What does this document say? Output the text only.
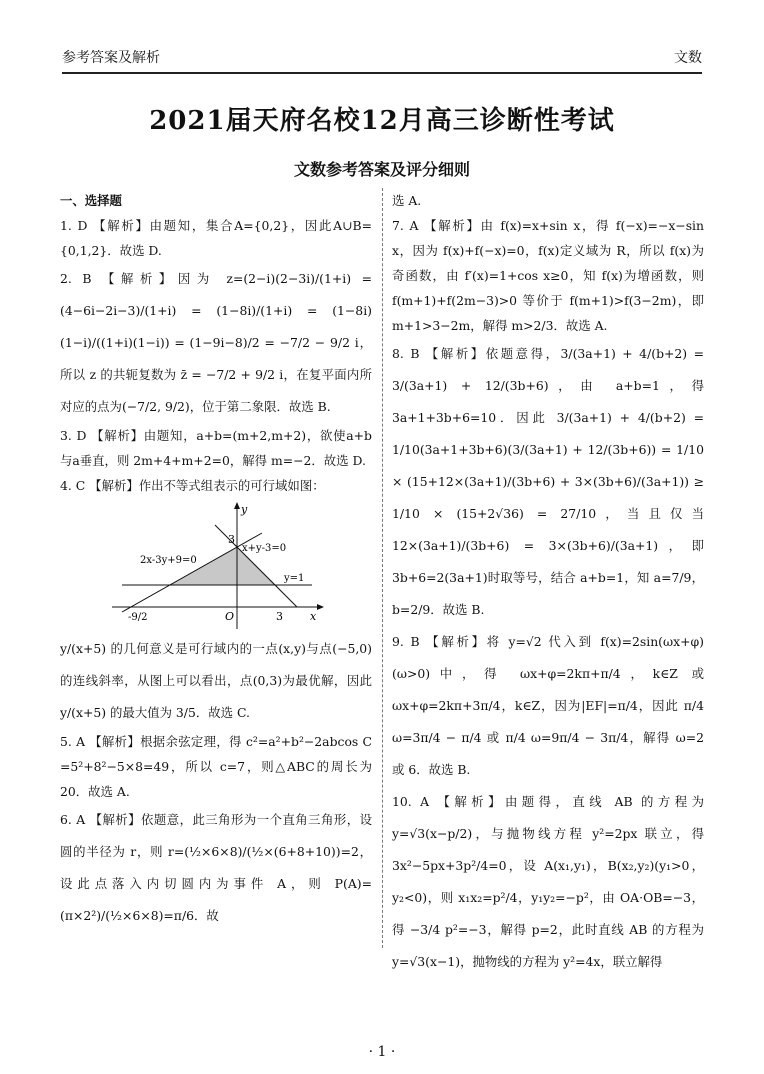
参考答案及解析	文数
2021届天府名校12月高三诊断性考试
文数参考答案及评分细则

一、选择题

1. D 【解析】由题知，集合A={0,2}，因此A∪B={0,1,2}．故选 D.

2. B 【解析】因为 z=(2−i)(2−3i)/(1+i) = (4−6i−2i−3)/(1+i) = (1−8i)/(1+i) = (1−8i)(1−i)/((1+i)(1−i)) = (1−9i−8)/2 = −7/2 − 9/2 i，所以 z 的共轭复数为 z̄ = −7/2 + 9/2 i，在复平面内所对应的点为(−7/2, 9/2)，位于第二象限．故选 B.

3. D 【解析】由题知，a+b=(m+2,m+2)，欲使a+b与a垂直，则 2m+4+m+2=0，解得 m=−2．故选 D.

4. C 【解析】作出不等式组表示的可行域如图：

y
x
O
-9/2	3
3
2x-3y+9=0
x+y-3=0
y=1

y/(x+5) 的几何意义是可行域内的一点(x,y)与点(−5,0)的连线斜率，从图上可以看出，点(0,3)为最优解，因此 y/(x+5) 的最大值为 3/5．故选 C.

5. A 【解析】根据余弦定理，得 c²=a²+b²−2abcos C =5²+8²−5×8=49，所以 c=7，则△ABC的周长为20．故选 A.

6. A 【解析】依题意，此三角形为一个直角三角形，设圆的半径为 r，则 r=(½×6×8)/(½×(6+8+10))=2，设此点落入内切圆内为事件 A，则 P(A)=(π×2²)/(½×6×8)=π/6．故

选 A.

7. A 【解析】由 f(x)=x+sin x，得 f(−x)=−x−sin x，因为 f(x)+f(−x)=0，f(x)定义域为 R，所以 f(x)为奇函数，由 f′(x)=1+cos x≥0，知 f(x)为增函数，则 f(m+1)+f(2m−3)>0 等价于 f(m+1)>f(3−2m)，即 m+1>3−2m，解得 m>2/3．故选 A.

8. B 【解析】依题意得，3/(3a+1) + 4/(b+2) = 3/(3a+1) + 12/(3b+6)，由 a+b=1，得 3a+1+3b+6=10．因此 3/(3a+1) + 4/(b+2) = 1/10(3a+1+3b+6)(3/(3a+1) + 12/(3b+6)) = 1/10 × (15+12×(3a+1)/(3b+6) + 3×(3b+6)/(3a+1)) ≥ 1/10 × (15+2√36) = 27/10，当且仅当 12×(3a+1)/(3b+6) = 3×(3b+6)/(3a+1)，即 3b+6=2(3a+1)时取等号，结合 a+b=1，知 a=7/9，b=2/9．故选 B.

9. B 【解析】将 y=√2 代入到 f(x)=2sin(ωx+φ)(ω>0)中，得 ωx+φ=2kπ+π/4，k∈Z 或 ωx+φ=2kπ+3π/4，k∈Z，因为|EF|=π/4，因此 π/4 ω=3π/4 − π/4 或 π/4 ω=9π/4 − 3π/4，解得 ω=2 或 6．故选 B.

10. A 【解析】由题得，直线 AB 的方程为 y=√3(x−p/2)，与抛物线方程 y²=2px 联立，得 3x²−5px+3p²/4=0，设 A(x₁,y₁)，B(x₂,y₂)(y₁>0，y₂<0)，则 x₁x₂=p²/4，y₁y₂=−p²，由 OA·OB=−3，得 −3/4 p²=−3，解得 p=2，此时直线 AB 的方程为 y=√3(x−1)，抛物线的方程为 y²=4x，联立解得

· 1 ·
